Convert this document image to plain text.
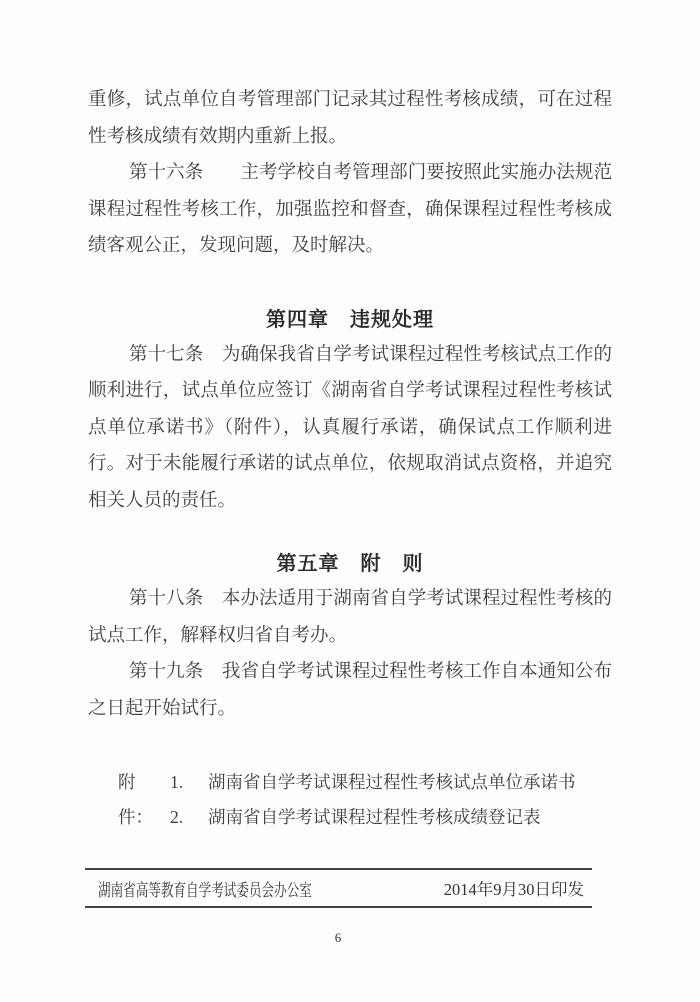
重修，试点单位自考管理部门记录其过程性考核成绩，可在过程性考核成绩有效期内重新上报。

第十六条　　主考学校自考管理部门要按照此实施办法规范课程过程性考核工作，加强监控和督查，确保课程过程性考核成绩客观公正，发现问题，及时解决。

第四章　违规处理

第十七条　为确保我省自学考试课程过程性考核试点工作的顺利进行，试点单位应签订《湖南省自学考试课程过程性考核试点单位承诺书》（附件），认真履行承诺，确保试点工作顺利进行。对于未能履行承诺的试点单位，依规取消试点资格，并追究相关人员的责任。

第五章　附　则

第十八条　本办法适用于湖南省自学考试课程过程性考核的试点工作，解释权归省自考办。

第十九条　我省自学考试课程过程性考核工作自本通知公布之日起开始试行。

附件：
1.	湖南省自学考试课程过程性考核试点单位承诺书
2.	湖南省自学考试课程过程性考核成绩登记表
湖南省高等教育自学考试委员会办公室	2014年9月30日印发
6
